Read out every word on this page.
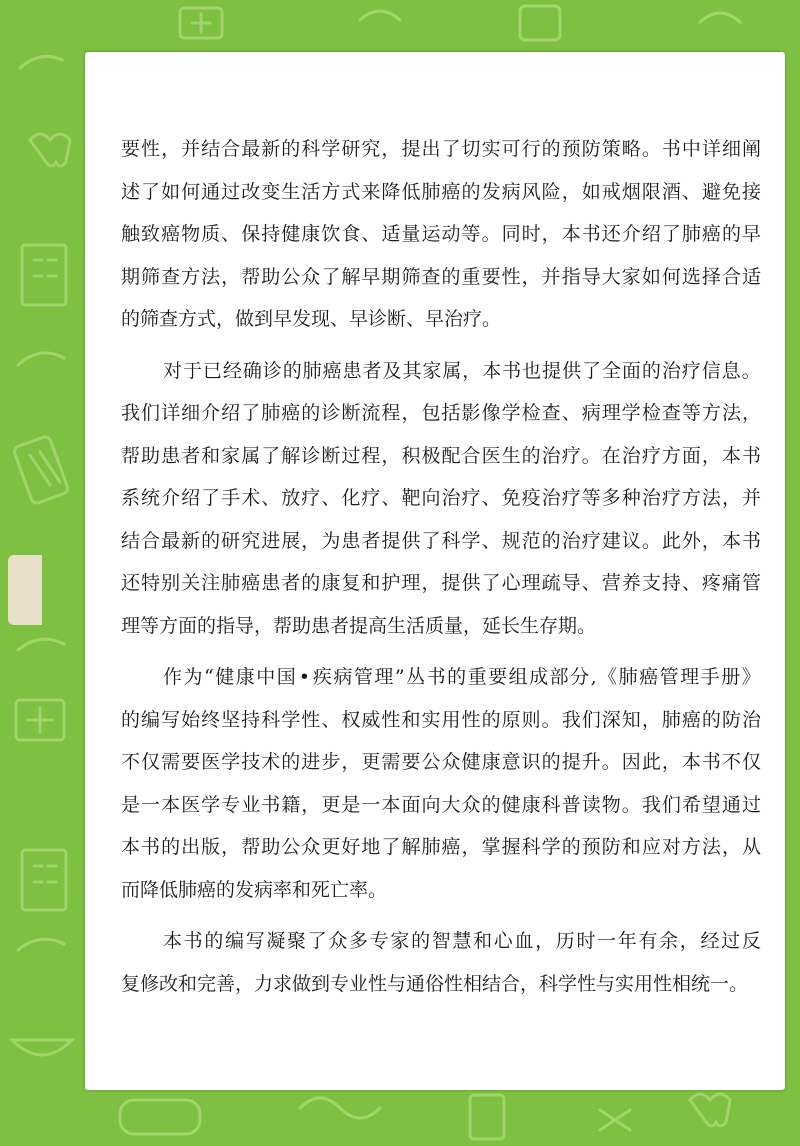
要 性 ， 并 结 合 最 新 的 科 学 研 究 ， 提 出 了 切 实 可 行 的 预 防 策 略 。 书 中 详 细 阐
述 了 如 何 通 过 改 变 生 活 方 式 来 降 低 肺 癌 的 发 病 风 险 ， 如 戒 烟 限 酒 、 避 免 接
触 致 癌 物 质 、 保 持 健 康 饮 食 、 适 量 运 动 等 。 同 时 ， 本 书 还 介 绍 了 肺 癌 的 早
期 筛 查 方 法 ， 帮 助 公 众 了 解 早 期 筛 查 的 重 要 性 ， 并 指 导 大 家 如 何 选 择 合 适
的筛查方式，做到早发现、早诊断、早治疗。
对 于 已 经 确 诊 的 肺 癌 患 者 及 其 家 属 ， 本 书 也 提 供 了 全 面 的 治 疗 信 息 。
我 们 详 细 介 绍 了 肺 癌 的 诊 断 流 程 ， 包 括 影 像 学 检 查 、 病 理 学 检 查 等 方 法 ，
帮 助 患 者 和 家 属 了 解 诊 断 过 程 ， 积 极 配 合 医 生 的 治 疗 。 在 治 疗 方 面 ， 本 书
系 统 介 绍 了 手 术 、 放 疗 、 化 疗 、 靶 向 治 疗 、 免 疫 治 疗 等 多 种 治 疗 方 法 ， 并
结 合 最 新 的 研 究 进 展 ， 为 患 者 提 供 了 科 学 、 规 范 的 治 疗 建 议 。 此 外 ， 本 书
还 特 别 关 注 肺 癌 患 者 的 康 复 和 护 理 ， 提 供 了 心 理 疏 导 、 营 养 支 持 、 疼 痛 管
理等方面的指导，帮助患者提高生活质量，延长生存期。
作 为 “ 健 康 中 国 • 疾 病 管 理 ” 丛 书 的 重 要 组 成 部 分 , 《 肺 癌 管 理 手 册 》
的 编 写 始 终 坚 持 科 学 性 、 权 威 性 和 实 用 性 的 原 则 。 我 们 深 知 ， 肺 癌 的 防 治
不 仅 需 要 医 学 技 术 的 进 步 ， 更 需 要 公 众 健 康 意 识 的 提 升 。 因 此 ， 本 书 不 仅
是 一 本 医 学 专 业 书 籍 ， 更 是 一 本 面 向 大 众 的 健 康 科 普 读 物 。 我 们 希 望 通 过
本 书 的 出 版 ， 帮 助 公 众 更 好 地 了 解 肺 癌 ， 掌 握 科 学 的 预 防 和 应 对 方 法 ， 从
而降低肺癌的发病率和死亡率。
本 书 的 编 写 凝 聚 了 众 多 专 家 的 智 慧 和 心 血 ， 历 时 一 年 有 余 ， 经 过 反
复修改和完善，力求做到专业性与通俗性相结合，科学性与实用性相统一。
